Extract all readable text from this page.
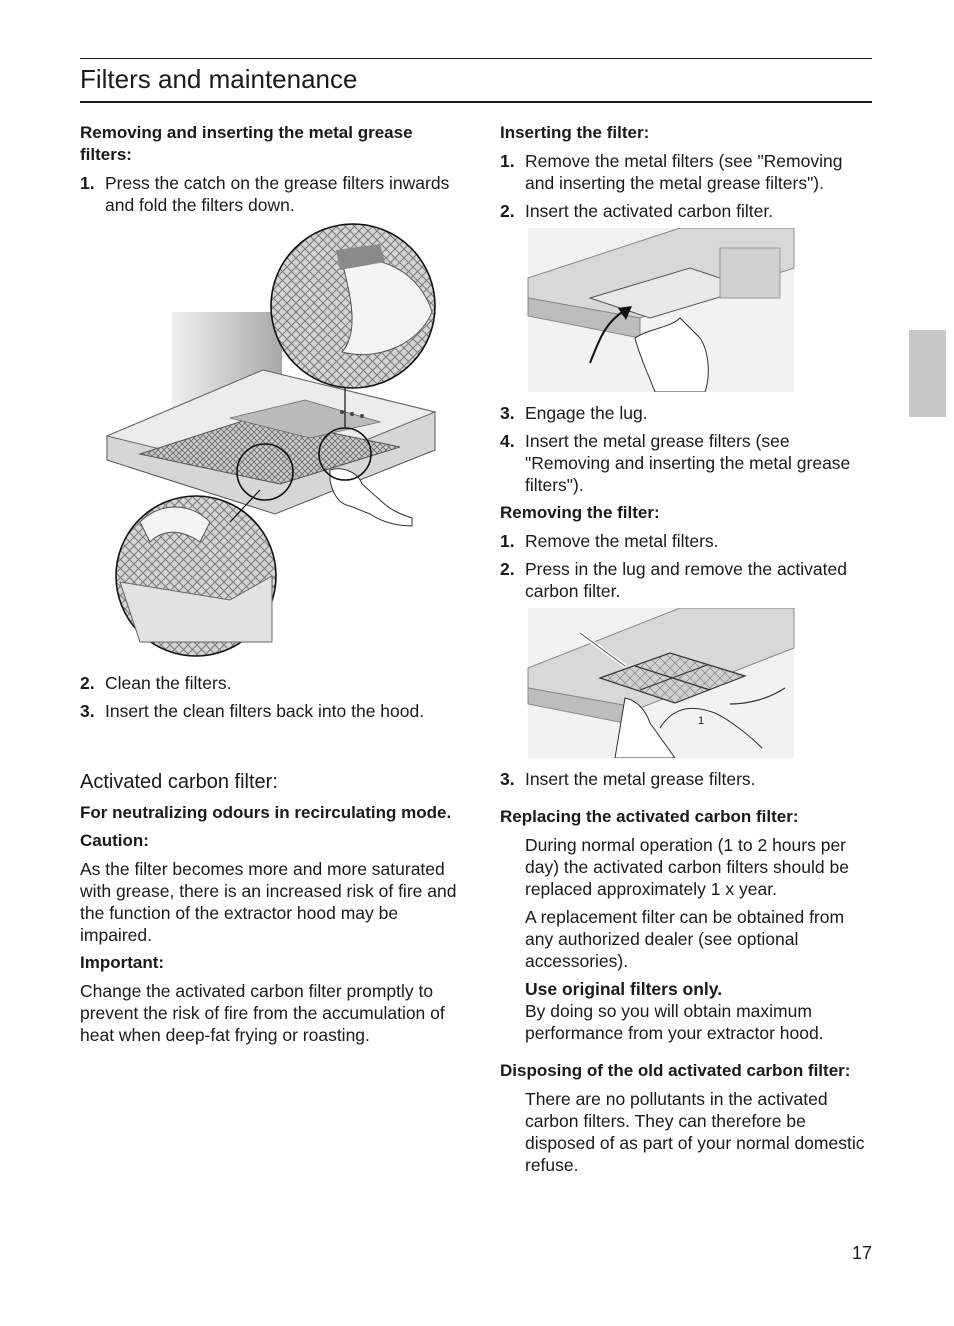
Filters and maintenance
Removing and inserting the metal grease filters:
1. Press the catch on the grease filters inwards and fold the filters down.
2. Clean the filters.
3. Insert the clean filters back into the hood.
Activated carbon filter:
For neutralizing odours in recirculating mode.
Caution:
As the filter becomes more and more saturated with grease, there is an increased risk of fire and the function of the extractor hood may be impaired.
Important:
Change the activated carbon filter promptly to prevent the risk of fire from the accumulation of heat when deep-fat frying or roasting.
Inserting the filter:
1. Remove the metal filters (see "Removing and inserting the metal grease filters").
2. Insert the activated carbon filter.
3. Engage the lug.
4. Insert the metal grease filters (see "Removing and inserting the metal grease filters").
Removing the filter:
1. Remove the metal filters.
2. Press in the lug and remove the activated carbon filter.
1
3. Insert the metal grease filters.
Replacing the activated carbon filter:
During normal operation (1 to 2 hours per day) the activated carbon filters should be replaced approximately 1 x year.
A replacement filter can be obtained from any authorized dealer (see optional accessories).
Use original filters only.
By doing so you will obtain maximum performance from your extractor hood.
Disposing of the old activated carbon filter:
There are no pollutants in the activated carbon filters. They can therefore be disposed of as part of your normal domestic refuse.
17
